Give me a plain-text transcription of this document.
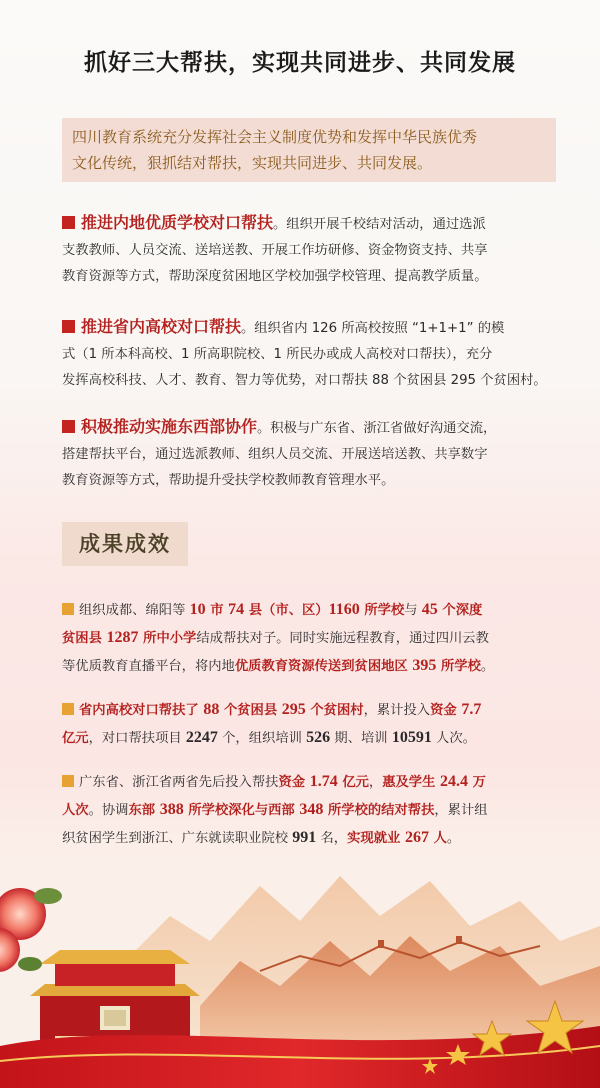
抓好三大帮扶，实现共同进步、共同发展
四川教育系统充分发挥社会主义制度优势和发挥中华民族优秀
文化传统，狠抓结对帮扶，实现共同进步、共同发展。
推进内地优质学校对口帮扶。组织开展千校结对活动，通过选派
支教教师、人员交流、送培送教、开展工作坊研修、资金物资支持、共享
教育资源等方式，帮助深度贫困地区学校加强学校管理、提高教学质量。
推进省内高校对口帮扶。组织省内 126 所高校按照 “1+1+1” 的模
式（1 所本科高校、1 所高职院校、1 所民办或成人高校对口帮扶），充分
发挥高校科技、人才、教育、智力等优势，对口帮扶 88 个贫困县 295 个贫困村。
积极推动实施东西部协作。积极与广东省、浙江省做好沟通交流，
搭建帮扶平台，通过选派教师、组织人员交流、开展送培送教、共享数字
教育资源等方式，帮助提升受扶学校教师教育管理水平。
成果成效
组织成都、绵阳等 10 市 74 县（市、区）1160 所学校与 45 个深度
贫困县 1287 所中小学结成帮扶对子。同时实施远程教育，通过四川云教
等优质教育直播平台，将内地优质教育资源传送到贫困地区 395 所学校。
省内高校对口帮扶了 88 个贫困县 295 个贫困村，累计投入资金 7.7
亿元，对口帮扶项目 2247 个，组织培训 526 期、培训 10591 人次。
广东省、浙江省两省先后投入帮扶资金 1.74 亿元，惠及学生 24.4 万
人次。协调东部 388 所学校深化与西部 348 所学校的结对帮扶，累计组
织贫困学生到浙江、广东就读职业院校 991 名，实现就业 267 人。
